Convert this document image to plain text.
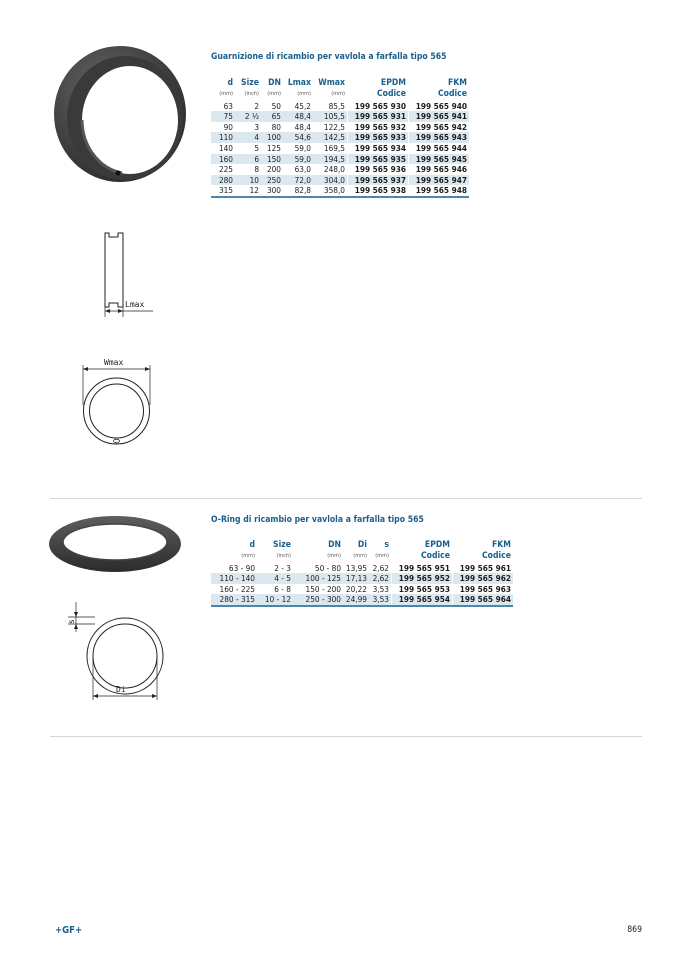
Lmax
Wmax
Guarnizione di ricambio per vavlola a farfalla tipo 565
d	Size	DN	Lmax	Wmax		EPDM		FKM
(mm)	(inch)	(mm)	(mm)	(mm)		Codice		Codice
63	2	50	45,2	85,5		199 565 930		199 565 940
75	2 ½	65	48,4	105,5		199 565 931		199 565 941
90	3	80	48,4	122,5		199 565 932		199 565 942
110	4	100	54,6	142,5		199 565 933		199 565 943
140	5	125	59,0	169,5		199 565 934		199 565 944
160	6	150	59,0	194,5		199 565 935		199 565 945
225	8	200	63,0	248,0		199 565 936		199 565 946
280	10	250	72,0	304,0		199 565 937		199 565 947
315	12	300	82,8	358,0		199 565 938		199 565 948
s
Di
O-Ring di ricambio per vavlola a farfalla tipo 565
d	Size	DN	Di	s		EPDM		FKM
(mm)	(inch)	(mm)	(mm)	(mm)		Codice		Codice
63 - 90	2 - 3	50 - 80	13,95	2,62		199 565 951		199 565 961
110 - 140	4 - 5	100 - 125	17,13	2,62		199 565 952		199 565 962
160 - 225	6 - 8	150 - 200	20,22	3,53		199 565 953		199 565 963
280 - 315	10 - 12	250 - 300	24,99	3,53		199 565 954		199 565 964
+GF+	869
